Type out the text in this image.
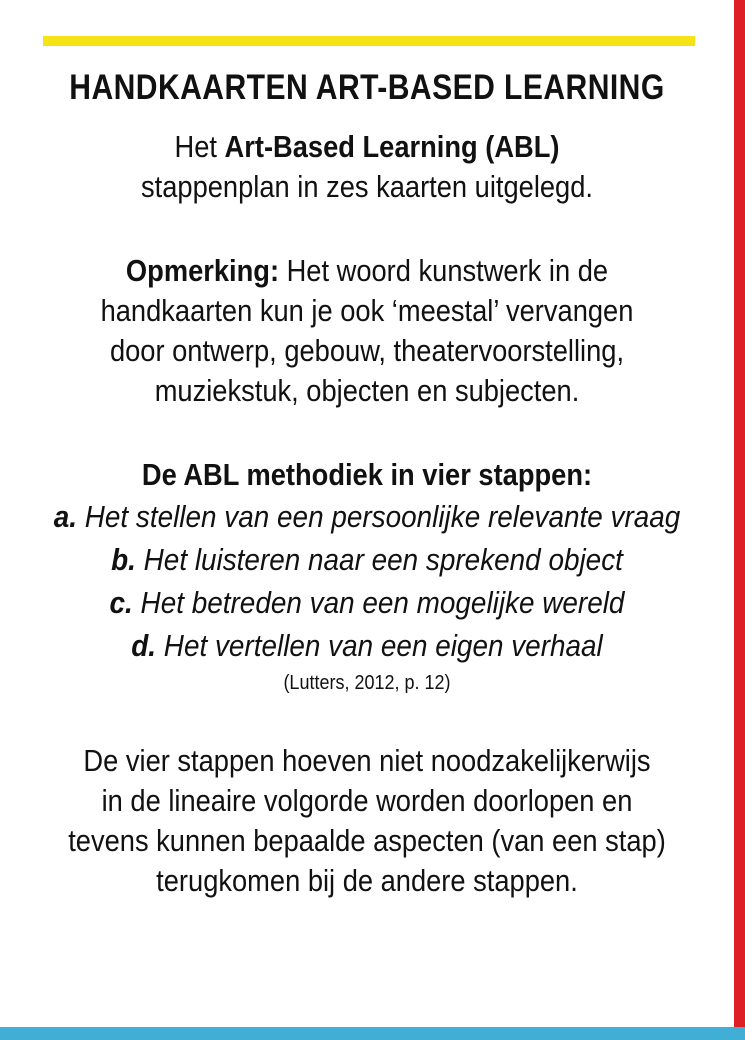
HANDKAARTEN ART-BASED LEARNING

Het Art-Based Learning (ABL)
stappenplan in zes kaarten uitgelegd.

Opmerking: Het woord kunstwerk in de
handkaarten kun je ook ‘meestal’ vervangen
door ontwerp, gebouw, theatervoorstelling,
muziekstuk, objecten en subjecten.

De ABL methodiek in vier stappen:

a. Het stellen van een persoonlijke relevante vraag
b. Het luisteren naar een sprekend object
c. Het betreden van een mogelijke wereld
d. Het vertellen van een eigen verhaal

(Lutters, 2012, p. 12)

De vier stappen hoeven niet noodzakelijkerwijs
in de lineaire volgorde worden doorlopen en
tevens kunnen bepaalde aspecten (van een stap)
terugkomen bij de andere stappen.
